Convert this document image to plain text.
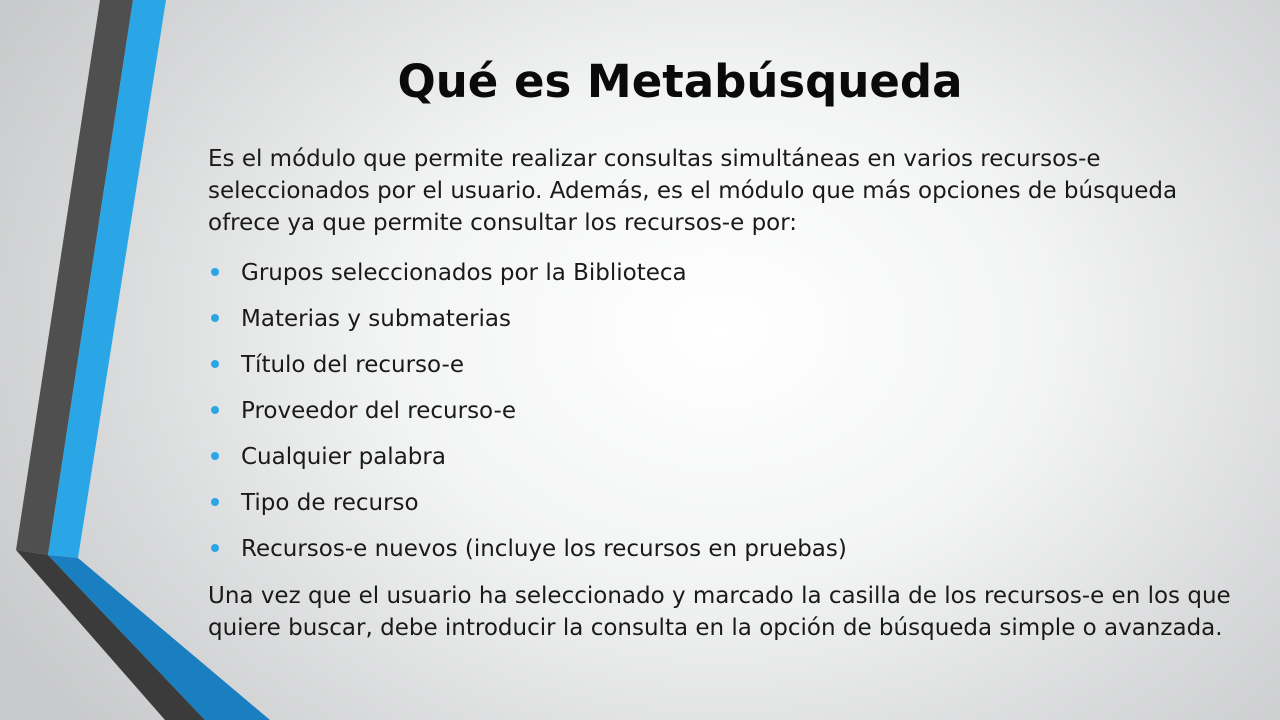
Qué es Metabúsqueda

Es el módulo que permite realizar consultas simultáneas en varios recursos-e seleccionados por el usuario. Además, es el módulo que más opciones de búsqueda ofrece ya que permite consultar los recursos-e por:

Grupos seleccionados por la Biblioteca
Materias y submaterias
Título del recurso-e
Proveedor del recurso-e
Cualquier palabra
Tipo de recurso
Recursos-e nuevos (incluye los recursos en pruebas)

Una vez que el usuario ha seleccionado y marcado la casilla de los recursos-e en los que quiere buscar, debe introducir la consulta en la opción de búsqueda simple o avanzada.
